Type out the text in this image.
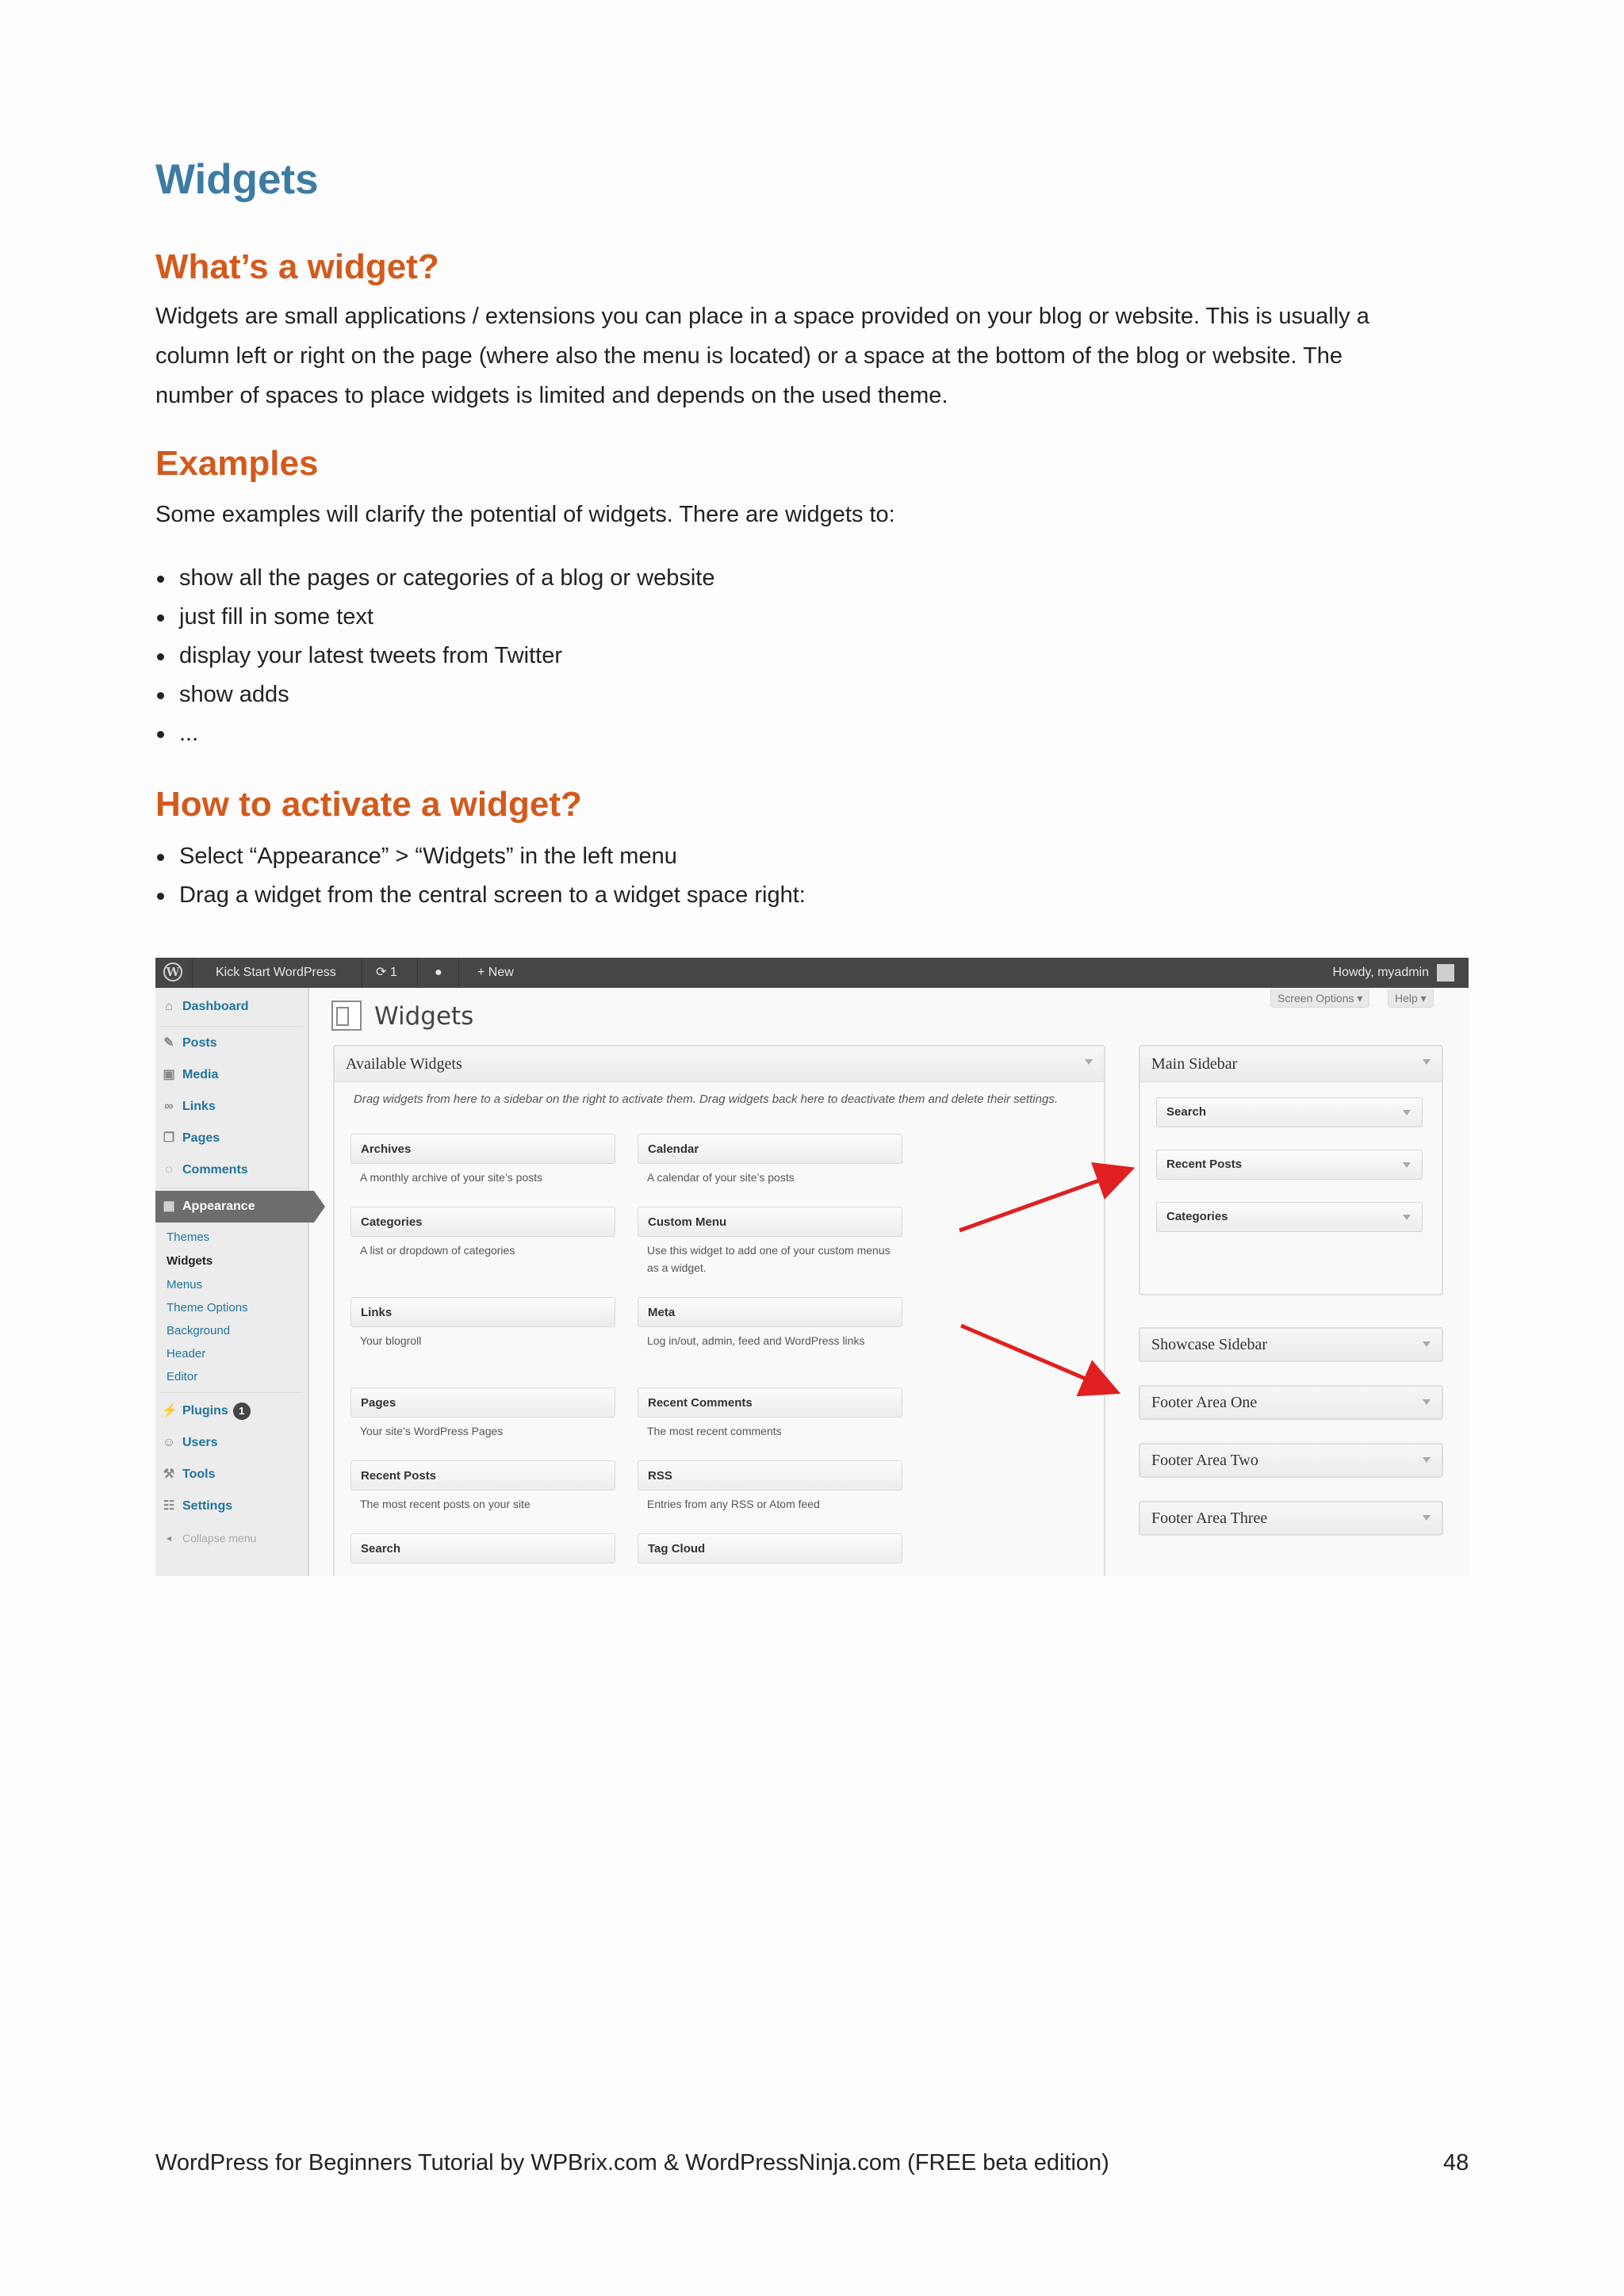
Widgets
What’s a widget?
Widgets are small applications / extensions you can place in a space provided on your blog or website. This is usually a
column left or right on the page (where also the menu is located) or a space at the bottom of the blog or website. The
number of spaces to place widgets is limited and depends on the used theme.
Examples
Some examples will clarify the potential of widgets. There are widgets to:
show all the pages or categories of a blog or website
just fill in some text
display your latest tweets from Twitter
show adds
...
How to activate a widget?
Select “Appearance” > “Widgets” in the left menu
Drag a widget from the central screen to a widget space right:
W	Kick Start WordPress	⟳ 1	●	+ New	Howdy, myadmin
⌂ Dashboard
✎ Posts
▣ Media
∞ Links
❐ Pages
◌ Comments
▦ Appearance
Themes
Widgets
Menus
Theme Options
Background
Header
Editor
⚡ Plugins 1
☺ Users
⚒ Tools
☷ Settings
◂ Collapse menu
Screen Options ▾	Help ▾
Widgets
Available Widgets
Drag widgets from here to a sidebar on the right to activate them. Drag widgets back here to deactivate them and delete their settings.
Archives
A monthly archive of your site’s posts
Calendar
A calendar of your site’s posts
Categories
A list or dropdown of categories
Custom Menu
Use this widget to add one of your custom menus as a widget.
Links
Your blogroll
Meta
Log in/out, admin, feed and WordPress links
Pages
Your site’s WordPress Pages
Recent Comments
The most recent comments
Recent Posts
The most recent posts on your site
RSS
Entries from any RSS or Atom feed
Search	Tag Cloud
Main Sidebar
Search
Recent Posts
Categories
Showcase Sidebar
Footer Area One
Footer Area Two
Footer Area Three
WordPress for Beginners Tutorial by WPBrix.com & WordPressNinja.com (FREE beta edition)	48
